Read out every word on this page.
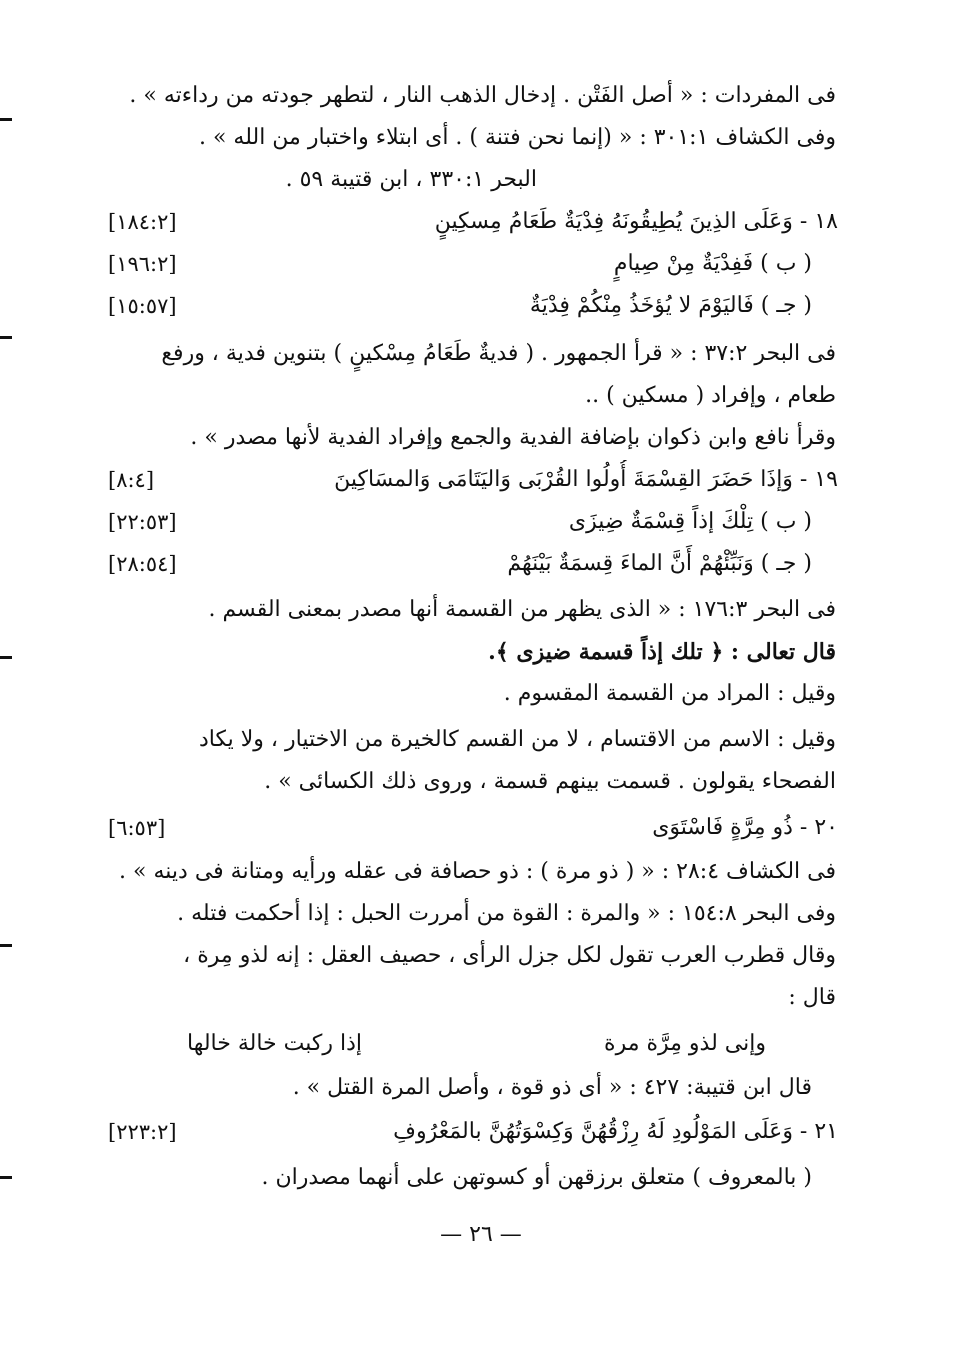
فى المفردات : « أصل الفَتْن . إدخال الذهب النار ، لتطهر جودته من رداءته » .
وفى الكشاف ٣٠١:١ : « (إنما نحن فتنة ) . أى ابتلاء واختبار من الله » .
البحر ٣٣٠:١ ، ابن قتيبة ٥٩ .
١٨ - وَعَلَى الذِينَ يُطِيقُونَهُ فِدْيَةٌ طَعَامُ مِسكِينٍ
[١٨٤:٢]
( ب ) فَفِدْيَةٌ مِنْ صِيامٍ
[١٩٦:٢]
( جـ ) فَاليَوْمَ لا يُؤخَذُ مِنْكُمْ فِدْيَةٌ
[١٥:٥٧]
فى البحر ٣٧:٢ : « قرأ الجمهور . ( فديةٌ طَعَامُ مِسْكينٍ ) بتنوين فدية ، ورفع
طعام ، وإفراد ( مسكين ) ..
وقرأ نافع وابن ذكوان بإضافة الفدية والجمع وإفراد الفدية لأنها مصدر » .
١٩ - وَإذَا حَضَرَ القِسْمَةَ أُولُوا القُرْبَى وَاليَتَامَى وَالمسَاكِينَ
[٨:٤]
( ب ) تِلْكَ إذاً قِسْمَةٌ ضِيزَى
[٢٢:٥٣]
( جـ ) وَنَبِّئْهُمْ أَنَّ الماءَ قِسمَةٌ بَيْنَهُمْ
[٢٨:٥٤]
فى البحر ١٧٦:٣ : « الذى يظهر من القسمة أنها مصدر بمعنى القسم .
قال تعالى : ﴿ تلك إذاً قسمة ضيزى ﴾.
وقيل : المراد من القسمة المقسوم .
وقيل : الاسم من الاقتسام ، لا من القسم كالخيرة من الاختيار ، ولا يكاد
الفصحاء يقولون . قسمت بينهم قسمة ، وروى ذلك الكسائى » .
٢٠ - ذُو مِرَّةٍ فَاسْتَوَى
[٦:٥٣]
فى الكشاف ٢٨:٤ : « ( ذو مرة ) : ذو حصافة فى عقله ورأيه ومتانة فى دينه » .
وفى البحر ١٥٤:٨ : « والمرة : القوة من أمررت الحبل : إذا أحكمت فتله .
وقال قطرب العرب تقول لكل جزل الرأى ، حصيف العقل : إنه لذو مِرة ،
قال :
وإنى لذو مِرَّة مرة
إذا ركبت خالة خالها
قال ابن قتيبة: ٤٢٧ : « أى ذو قوة ، وأصل المرة القتل » .
٢١ - وَعَلَى المَوْلُودِ لَهُ رِزْقُهُنَّ وَكِسْوَتُهُنَّ بالمَعْرُوفِ
[٢٢٣:٢]
( بالمعروف ) متعلق برزقهن أو كسوتهن على أنهما مصدران .
— ٢٦ —
